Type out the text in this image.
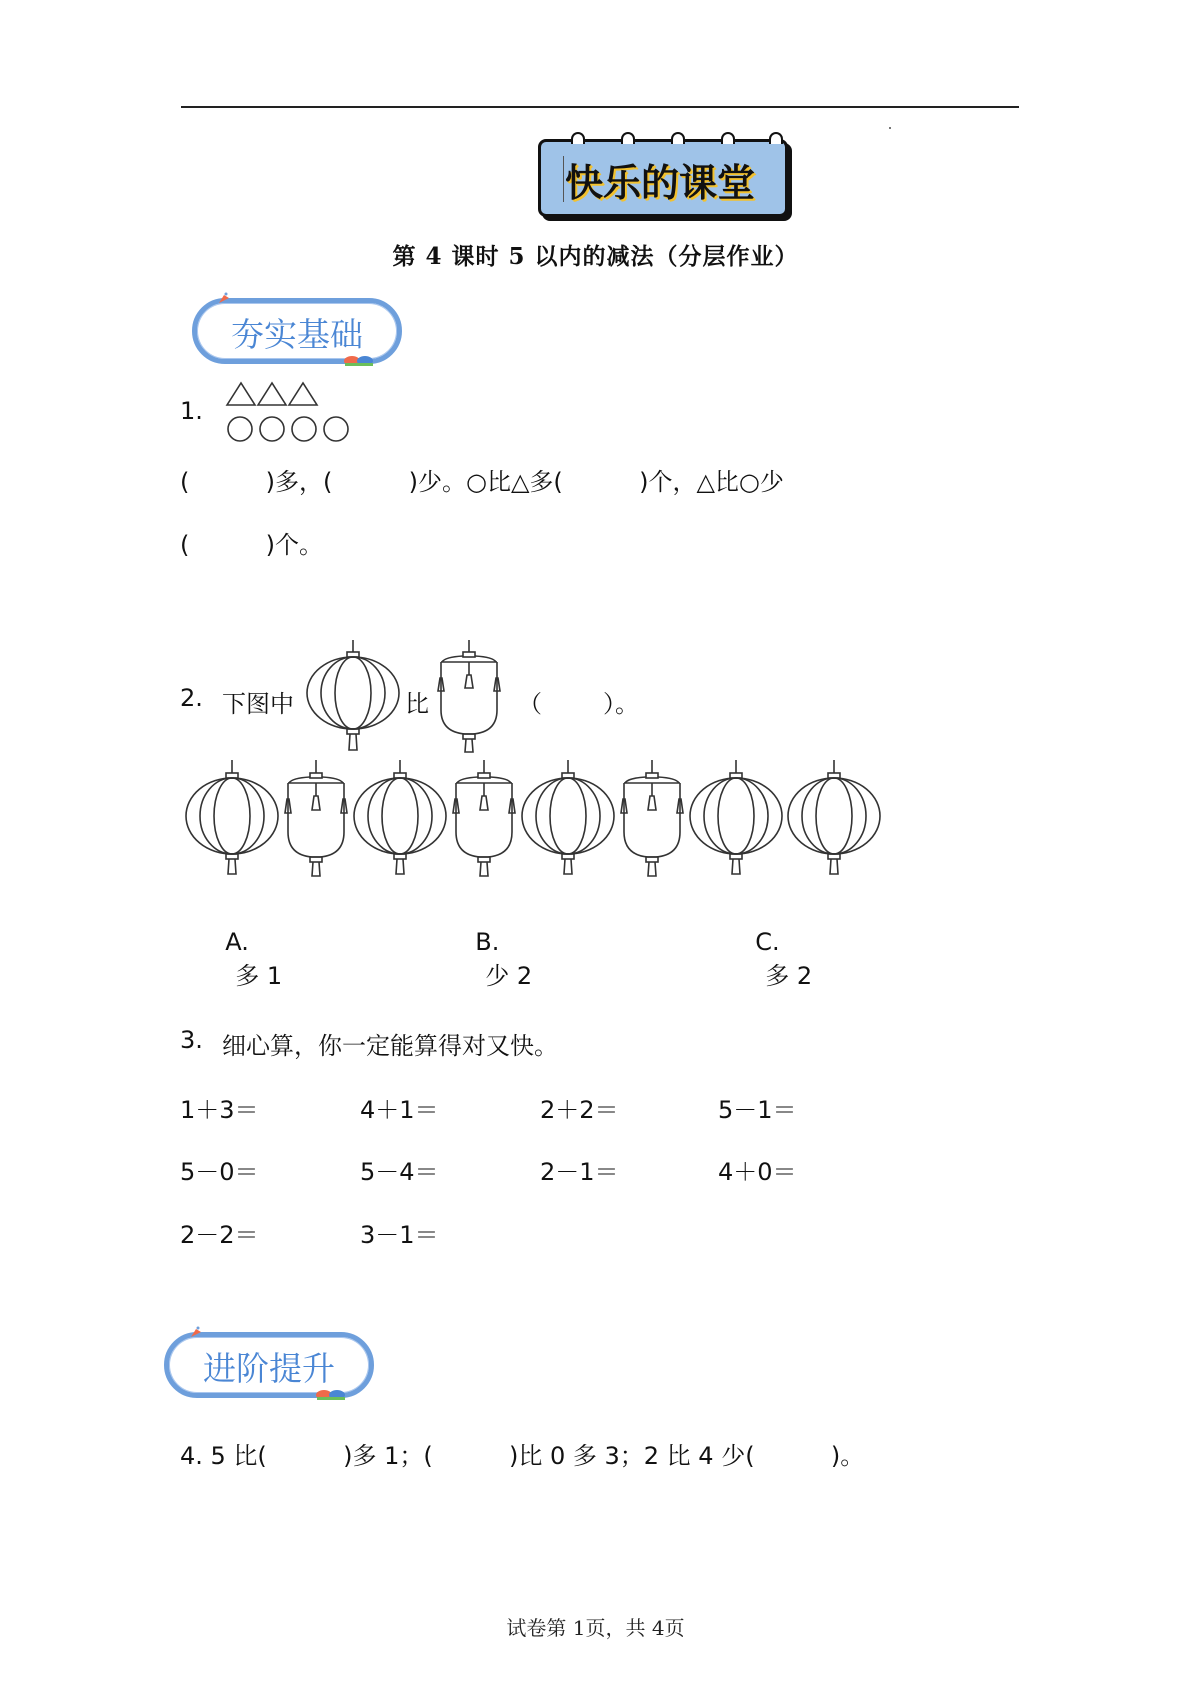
快乐的课堂
第 4 课时 5 以内的减法（分层作业）
夯实基础
1.
(          )多，(          )少。○比△多(          )个，△比○少
(          )个。
2. 下图中	比	（        ）。

A.
多 1

B.
少 2

C.
多 2

3. 细心算，你一定能算得对又快。
1＋3＝	4＋1＝	2＋2＝	5－1＝
5－0＝	5－4＝	2－1＝	4＋0＝
2－2＝	3－1＝
进阶提升
4. 5 比(          )多 1；(          )比 0 多 3；2 比 4 少(          )。
试卷第 1页，共 4页
